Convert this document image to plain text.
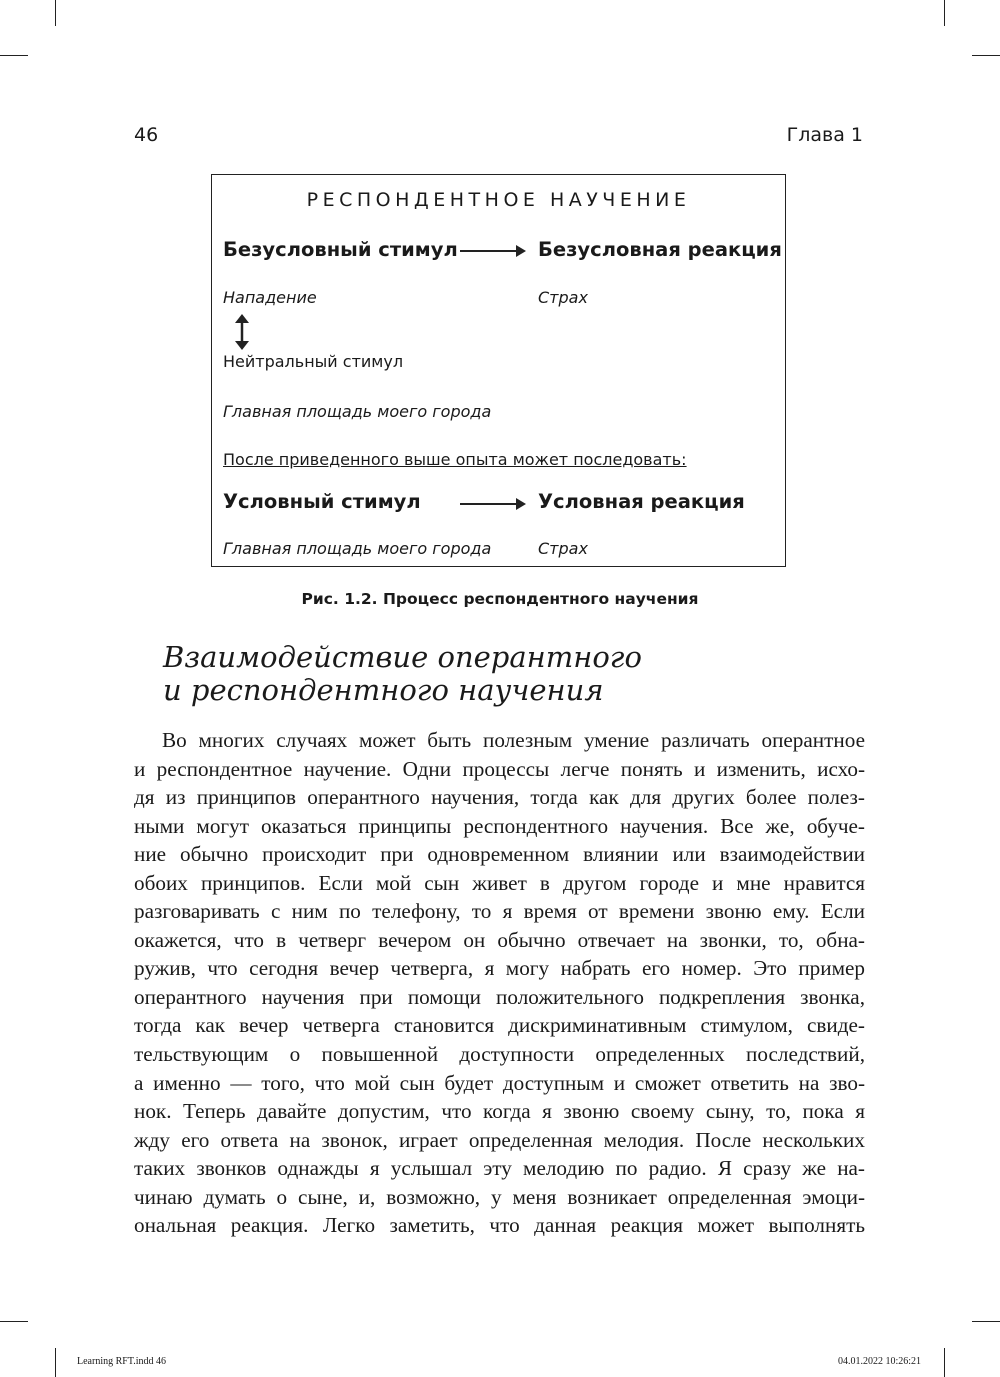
46	Глава 1
РЕСПОНДЕНТНОЕ НАУЧЕНИЕ
Безусловный стимул	Безусловная реакция
Нападение	Страх
Нейтральный стимул
Главная площадь моего города
После приведенного выше опыта может последовать:
Условный стимул	Условная реакция
Главная площадь моего города	Страх
Рис. 1.2. Процесс респондентного научения
Взаимодействие оперантного
и респондентного научения
Во многих случаях может быть полезным умение различать оперантное
и респондентное научение. Одни процессы легче понять и изменить, исхо-
дя из принципов оперантного научения, тогда как для других более полез-
ными могут оказаться принципы респондентного научения. Все же, обуче-
ние обычно происходит при одновременном влиянии или взаимодействии
обоих принципов. Если мой сын живет в другом городе и мне нравится
разговаривать с ним по телефону, то я время от времени звоню ему. Если
окажется, что в четверг вечером он обычно отвечает на звонки, то, обна-
ружив, что сегодня вечер четверга, я могу набрать его номер. Это пример
оперантного научения при помощи положительного подкрепления звонка,
тогда как вечер четверга становится дискриминативным стимулом, свиде-
тельствующим о повышенной доступности определенных последствий,
а именно — того, что мой сын будет доступным и сможет ответить на зво-
нок. Теперь давайте допустим, что когда я звоню своему сыну, то, пока я
жду его ответа на звонок, играет определенная мелодия. После нескольких
таких звонков однажды я услышал эту мелодию по радио. Я сразу же на-
чинаю думать о сыне, и, возможно, у меня возникает определенная эмоци-
ональная реакция. Легко заметить, что данная реакция может выполнять
Learning RFT.indd 46	04.01.2022 10:26:21
